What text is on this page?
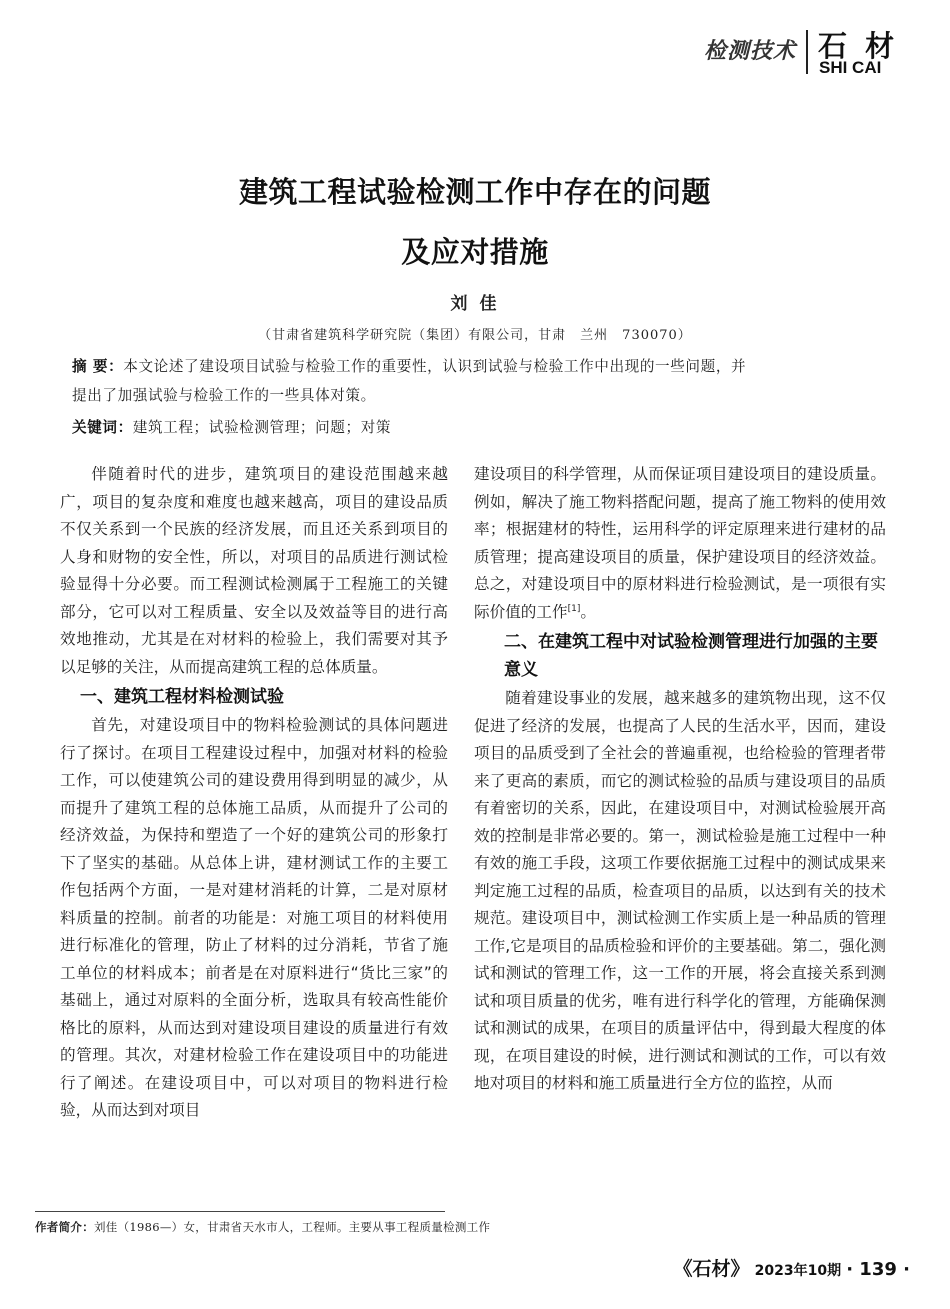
检测技术 石 材
SHI CAI
建筑工程试验检测工作中存在的问题
及应对措施
刘 佳
（甘肃省建筑科学研究院（集团）有限公司，甘肃　兰州　730070）
摘 要：本文论述了建设项目试验与检验工作的重要性，认识到试验与检验工作中出现的一些问题，并
提出了加强试验与检验工作的一些具体对策。
关键词：建筑工程；试验检测管理；问题；对策

伴随着时代的进步，建筑项目的建设范围越来越广，项目的复杂度和难度也越来越高，项目的建设品质不仅关系到一个民族的经济发展，而且还关系到项目的人身和财物的安全性，所以，对项目的品质进行测试检验显得十分必要。而工程测试检测属于工程施工的关键部分，它可以对工程质量、安全以及效益等目的进行高效地推动，尤其是在对材料的检验上，我们需要对其予以足够的关注，从而提高建筑工程的总体质量。

一、建筑工程材料检测试验

首先，对建设项目中的物料检验测试的具体问题进行了探讨。在项目工程建设过程中，加强对材料的检验工作，可以使建筑公司的建设费用得到明显的减少，从而提升了建筑工程的总体施工品质，从而提升了公司的经济效益，为保持和塑造了一个好的建筑公司的形象打下了坚实的基础。从总体上讲，建材测试工作的主要工作包括两个方面，一是对建材消耗的计算，二是对原材料质量的控制。前者的功能是：对施工项目的材料使用进行标准化的管理，防止了材料的过分消耗，节省了施工单位的材料成本；前者是在对原料进行“货比三家”的基础上，通过对原料的全面分析，选取具有较高性能价格比的原料，从而达到对建设项目建设的质量进行有效的管理。其次，对建材检验工作在建设项目中的功能进行了阐述。在建设项目中，可以对项目的物料进行检验，从而达到对项目

建设项目的科学管理，从而保证项目建设项目的建设质量。例如，解决了施工物料搭配问题，提高了施工物料的使用效率；根据建材的特性，运用科学的评定原理来进行建材的品质管理；提高建设项目的质量，保护建设项目的经济效益。总之，对建设项目中的原材料进行检验测试，是一项很有实际价值的工作[1]。

二、在建筑工程中对试验检测管理进行加强的主要意义

随着建设事业的发展，越来越多的建筑物出现，这不仅促进了经济的发展，也提高了人民的生活水平，因而，建设项目的品质受到了全社会的普遍重视，也给检验的管理者带来了更高的素质，而它的测试检验的品质与建设项目的品质有着密切的关系，因此，在建设项目中，对测试检验展开高效的控制是非常必要的。第一，测试检验是施工过程中一种有效的施工手段，这项工作要依据施工过程中的测试成果来判定施工过程的品质，检查项目的品质，以达到有关的技术规范。建设项目中，测试检测工作实质上是一种品质的管理工作,它是项目的品质检验和评价的主要基础。第二，强化测试和测试的管理工作，这一工作的开展，将会直接关系到测试和项目质量的优劣，唯有进行科学化的管理，方能确保测试和测试的成果，在项目的质量评估中，得到最大程度的体现，在项目建设的时候，进行测试和测试的工作，可以有效地对项目的材料和施工质量进行全方位的监控，从而

作者简介：刘佳（1986—）女，甘肃省天水市人，工程师。主要从事工程质量检测工作
《石材》 2023年10期 · 139 ·
